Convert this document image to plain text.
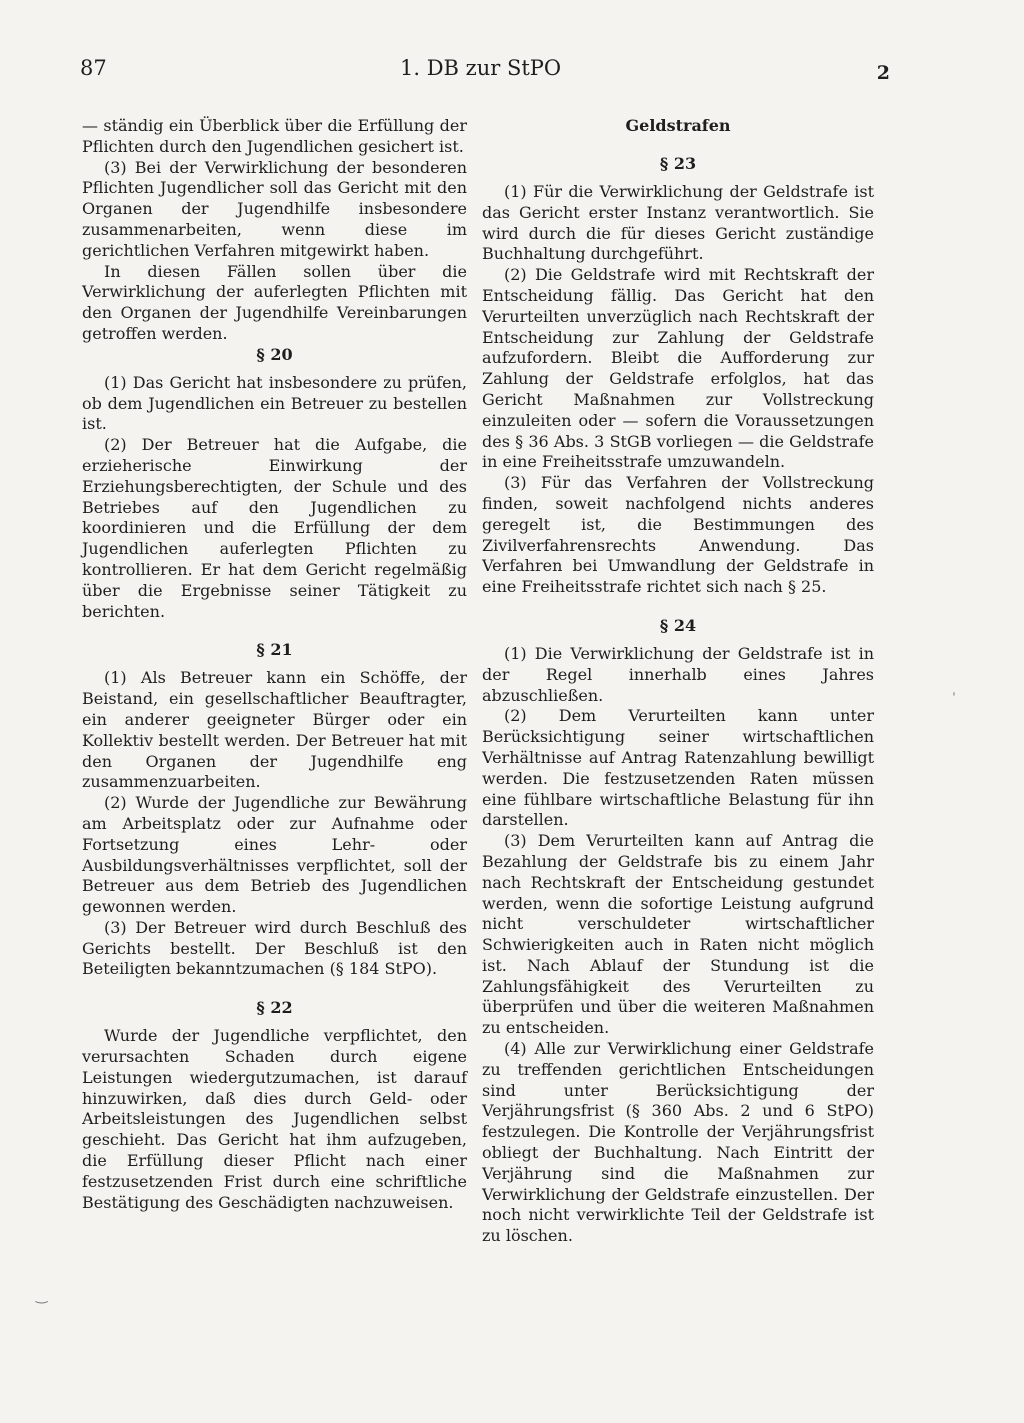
87	1. DB zur StPO	2

— ständig ein Überblick über die Erfüllung der Pflichten durch den Jugendlichen gesichert ist.

(3) Bei der Verwirklichung der besonderen Pflichten Jugendlicher soll das Gericht mit den Organen der Jugendhilfe insbesondere zusammenarbeiten, wenn diese im gerichtlichen Verfahren mitgewirkt haben.

In diesen Fällen sollen über die Verwirklichung der auferlegten Pflichten mit den Organen der Jugendhilfe Vereinbarungen getroffen werden.

§ 20

(1) Das Gericht hat insbesondere zu prüfen, ob dem Jugendlichen ein Betreuer zu bestellen ist.

(2) Der Betreuer hat die Aufgabe, die erzieherische Einwirkung der Erziehungsberechtigten, der Schule und des Betriebes auf den Jugendlichen zu koordinieren und die Erfüllung der dem Jugendlichen auferlegten Pflichten zu kontrollieren. Er hat dem Gericht regelmäßig über die Ergebnisse seiner Tätigkeit zu berichten.

§ 21

(1) Als Betreuer kann ein Schöffe, der Beistand, ein gesellschaftlicher Beauftragter, ein anderer geeigneter Bürger oder ein Kollektiv bestellt werden. Der Betreuer hat mit den Organen der Jugendhilfe eng zusammenzuarbeiten.

(2) Wurde der Jugendliche zur Bewährung am Arbeitsplatz oder zur Aufnahme oder Fortsetzung eines Lehr- oder Ausbildungsverhältnisses verpflichtet, soll der Betreuer aus dem Betrieb des Jugendlichen gewonnen werden.

(3) Der Betreuer wird durch Beschluß des Gerichts bestellt. Der Beschluß ist den Beteiligten bekanntzumachen (§ 184 StPO).

§ 22

Wurde der Jugendliche verpflichtet, den verursachten Schaden durch eigene Leistungen wiedergutzumachen, ist darauf hinzuwirken, daß dies durch Geld- oder Arbeitsleistungen des Jugendlichen selbst geschieht. Das Gericht hat ihm aufzugeben, die Erfüllung dieser Pflicht nach einer festzusetzenden Frist durch eine schriftliche Bestätigung des Geschädigten nachzuweisen.

Geldstrafen
§ 23

(1) Für die Verwirklichung der Geldstrafe ist das Gericht erster Instanz verantwortlich. Sie wird durch die für dieses Gericht zuständige Buchhaltung durchgeführt.

(2) Die Geldstrafe wird mit Rechtskraft der Entscheidung fällig. Das Gericht hat den Verurteilten unverzüglich nach Rechtskraft der Entscheidung zur Zahlung der Geldstrafe aufzufordern. Bleibt die Aufforderung zur Zahlung der Geldstrafe erfolglos, hat das Gericht Maßnahmen zur Vollstreckung einzuleiten oder — sofern die Voraussetzungen des § 36 Abs. 3 StGB vorliegen — die Geldstrafe in eine Freiheitsstrafe umzuwandeln.

(3) Für das Verfahren der Vollstreckung finden, soweit nachfolgend nichts anderes geregelt ist, die Bestimmungen des Zivilverfahrensrechts Anwendung. Das Verfahren bei Umwandlung der Geldstrafe in eine Freiheitsstrafe richtet sich nach § 25.

§ 24

(1) Die Verwirklichung der Geldstrafe ist in der Regel innerhalb eines Jahres abzuschließen.

(2) Dem Verurteilten kann unter Berücksichtigung seiner wirtschaftlichen Verhältnisse auf Antrag Ratenzahlung bewilligt werden. Die festzusetzenden Raten müssen eine fühlbare wirtschaftliche Belastung für ihn darstellen.

(3) Dem Verurteilten kann auf Antrag die Bezahlung der Geldstrafe bis zu einem Jahr nach Rechtskraft der Entscheidung gestundet werden, wenn die sofortige Leistung aufgrund nicht verschuldeter wirtschaftlicher Schwierigkeiten auch in Raten nicht möglich ist. Nach Ablauf der Stundung ist die Zahlungsfähigkeit des Verurteilten zu überprüfen und über die weiteren Maßnahmen zu entscheiden.

(4) Alle zur Verwirklichung einer Geldstrafe zu treffenden gerichtlichen Entscheidungen sind unter Berücksichtigung der Verjährungsfrist (§ 360 Abs. 2 und 6 StPO) festzulegen. Die Kontrolle der Verjährungsfrist obliegt der Buchhaltung. Nach Eintritt der Verjährung sind die Maßnahmen zur Verwirklichung der Geldstrafe einzustellen. Der noch nicht verwirklichte Teil der Geldstrafe ist zu löschen.

‿
ˌ
